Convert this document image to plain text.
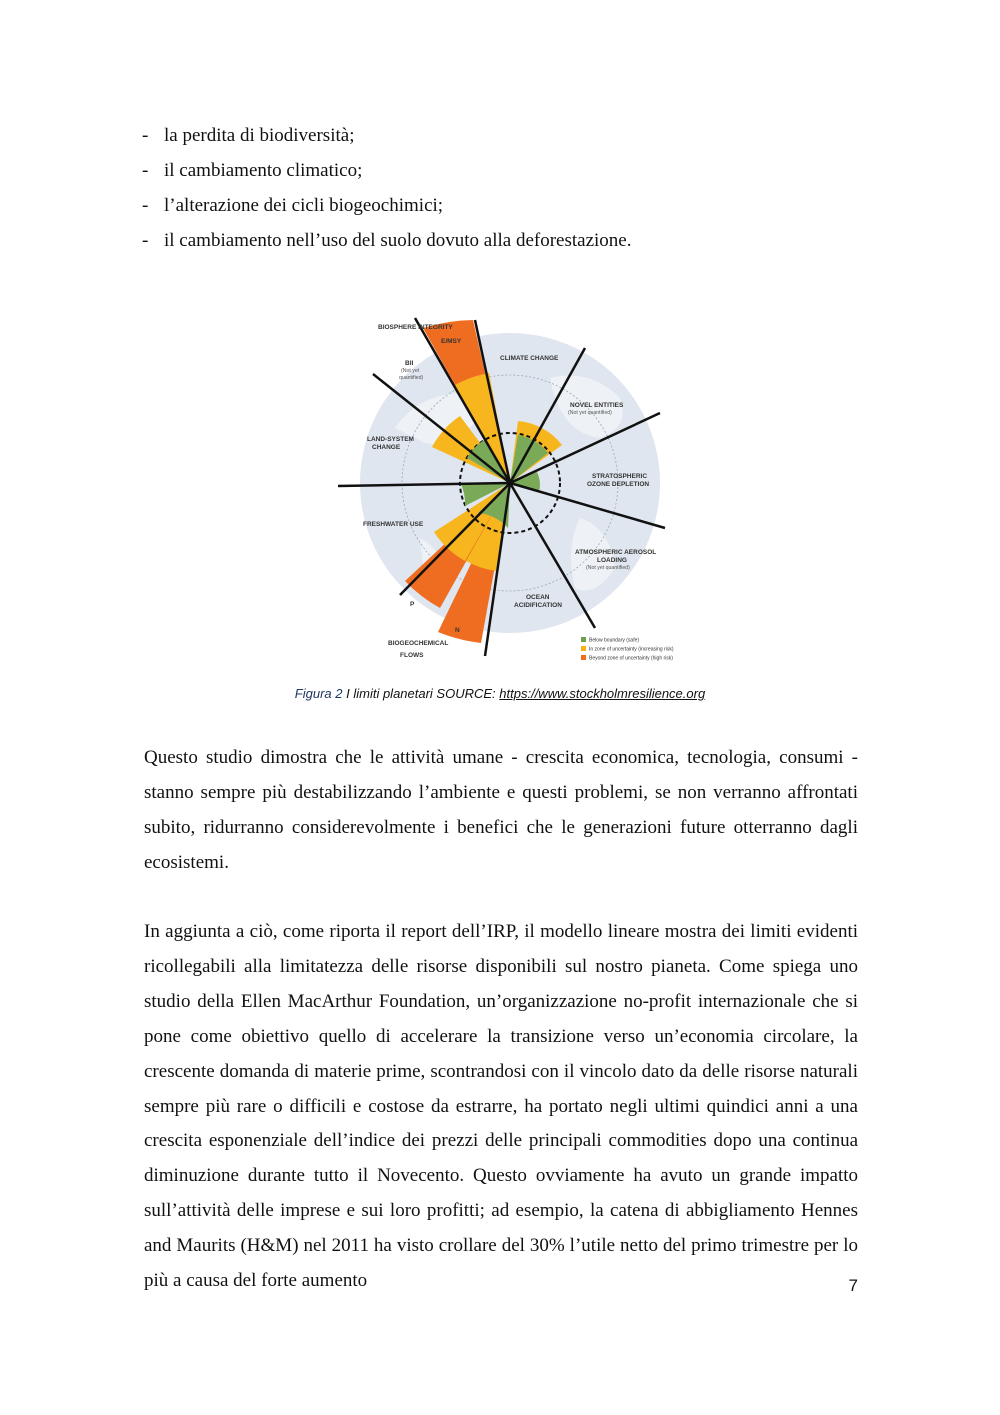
- la perdita di biodiversità;
- il cambiamento climatico;
- l’alterazione dei cicli biogeochimici;
- il cambiamento nell’uso del suolo dovuto alla deforestazione.
BIOSPHERE INTEGRITY
E/MSY
BII
(Not yet
quantified)
CLIMATE CHANGE
NOVEL ENTITIES
(Not yet quantified)
STRATOSPHERIC
OZONE DEPLETION
ATMOSPHERIC AEROSOL
LOADING
(Not yet quantified)
OCEAN
ACIDIFICATION
BIOGEOCHEMICAL
FLOWS
P
N
FRESHWATER USE
LAND-SYSTEM
CHANGE
Below boundary (safe)
In zone of uncertainty (increasing risk)
Beyond zone of uncertainty (high risk)
Figura 2 I limiti planetari SOURCE: https://www.stockholmresilience.org

Questo studio dimostra che le attività umane - crescita economica, tecnologia, consumi - stanno sempre più destabilizzando l’ambiente e questi problemi, se non verranno affrontati subito, ridurranno considerevolmente i benefici che le generazioni future otterranno dagli ecosistemi.

In aggiunta a ciò, come riporta il report dell’IRP, il modello lineare mostra dei limiti evidenti ricollegabili alla limitatezza delle risorse disponibili sul nostro pianeta. Come spiega uno studio della Ellen MacArthur Foundation, un’organizzazione no-profit internazionale che si pone come obiettivo quello di accelerare la transizione verso un’economia circolare, la crescente domanda di materie prime, scontrandosi con il vincolo dato da delle risorse naturali sempre più rare o difficili e costose da estrarre, ha portato negli ultimi quindici anni a una crescita esponenziale dell’indice dei prezzi delle principali commodities dopo una continua diminuzione durante tutto il Novecento. Questo ovviamente ha avuto un grande impatto sull’attività delle imprese e sui loro profitti; ad esempio, la catena di abbigliamento Hennes and Maurits (H&M) nel 2011 ha visto crollare del 30% l’utile netto del primo trimestre per lo più a causa del forte aumento	7
